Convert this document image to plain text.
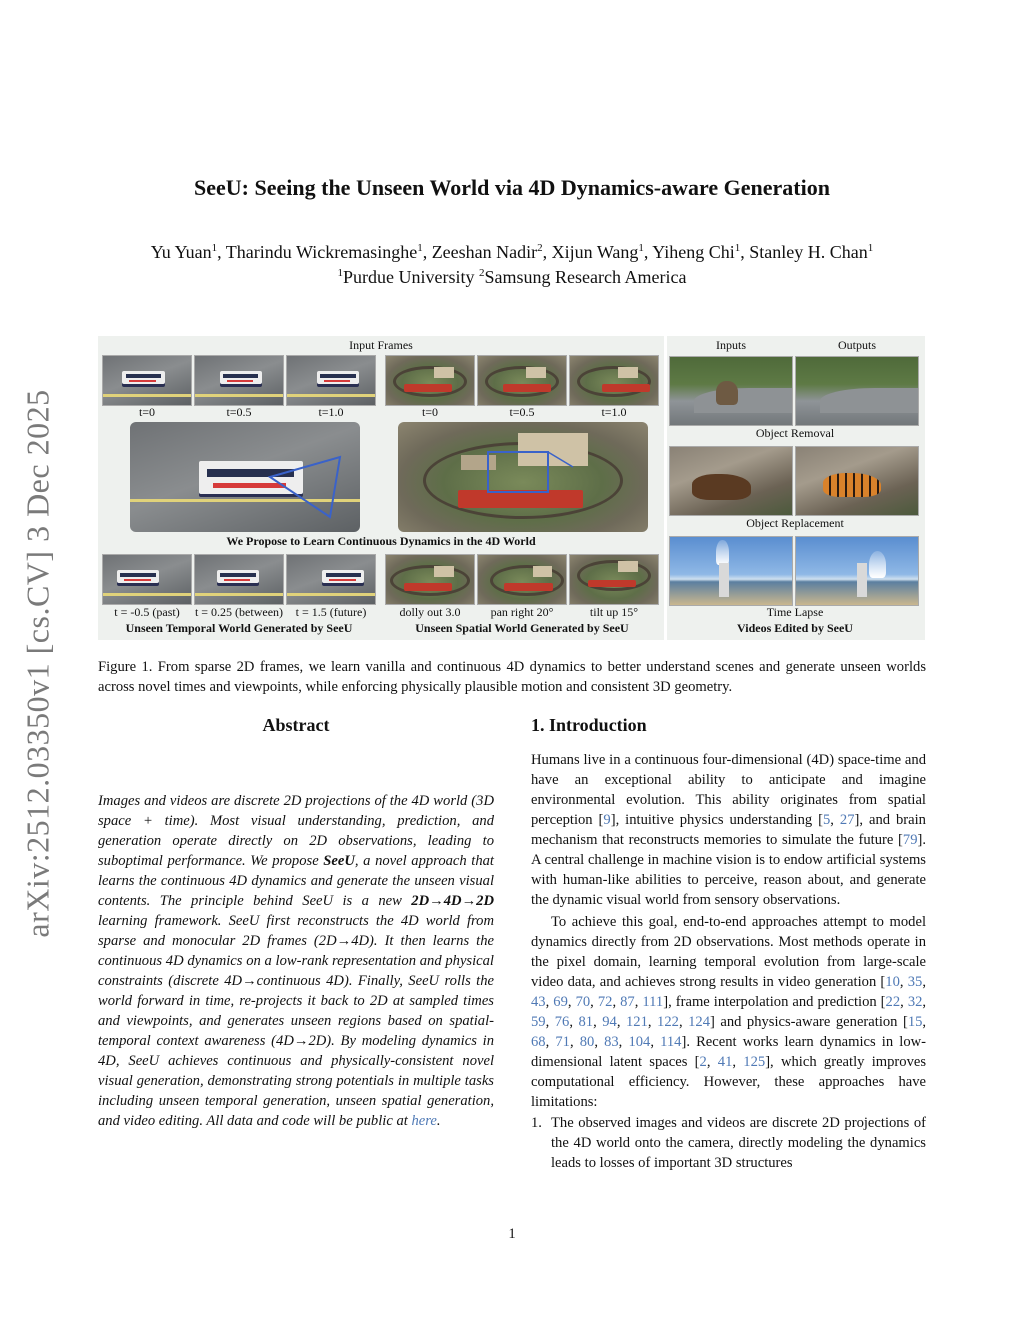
arXiv:2512.03350v1 [cs.CV] 3 Dec 2025
SeeU: Seeing the Unseen World via 4D Dynamics-aware Generation
Yu Yuan$^1$, Tharindu Wickremasinghe$^1$, Zeeshan Nadir$^2$, Xijun Wang$^1$, Yiheng Chi$^1$, Stanley H. Chan$^1$
$^1$Purdue University $^2$Samsung Research America
Input Frames
t=0	t=0.5	t=1.0	t=0	t=0.5	t=1.0
We Propose to Learn Continuous Dynamics in the 4D World
t = -0.5 (past)	t = 0.25 (between)	t = 1.5 (future)	dolly out 3.0	pan right 20°	tilt up 15°
Unseen Temporal World Generated by SeeU	Unseen Spatial World Generated by SeeU
Inputs	Outputs
Object Removal
Object Replacement
Time Lapse
Videos Edited by SeeU
Figure 1. From sparse 2D frames, we learn vanilla and continuous 4D dynamics to better understand scenes and generate unseen worlds across novel times and viewpoints, while enforcing physically plausible motion and consistent 3D geometry.
Abstract
Images and videos are discrete 2D projections of the 4D world (3D space + time). Most visual understanding, prediction, and generation operate directly on 2D observations, leading to suboptimal performance. We propose SeeU, a novel approach that learns the continuous 4D dynamics and generate the unseen visual contents. The principle behind SeeU is a new 2D→4D→2D learning framework. SeeU first reconstructs the 4D world from sparse and monocular 2D frames (2D→4D). It then learns the continuous 4D dynamics on a low-rank representation and physical constraints (discrete 4D→continuous 4D). Finally, SeeU rolls the world forward in time, re-projects it back to 2D at sampled times and viewpoints, and generates unseen regions based on spatial-temporal context awareness (4D→2D). By modeling dynamics in 4D, SeeU achieves continuous and physically-consistent novel visual generation, demonstrating strong potentials in multiple tasks including unseen temporal generation, unseen spatial generation, and video editing. All data and code will be public at here.
1. Introduction

Humans live in a continuous four-dimensional (4D) space-time and have an exceptional ability to anticipate and imagine environmental evolution. This ability originates from spatial perception [9], intuitive physics understanding [5, 27], and brain mechanism that reconstructs memories to simulate the future [79]. A central challenge in machine vision is to endow artificial systems with human-like abilities to perceive, reason about, and generate the dynamic visual world from sensory observations.

To achieve this goal, end-to-end approaches attempt to model dynamics directly from 2D observations. Most methods operate in the pixel domain, learning temporal evolution from large-scale video data, and achieves strong results in video generation [10, 35, 43, 69, 70, 72, 87, 111], frame interpolation and prediction [22, 32, 59, 76, 81, 94, 121, 122, 124] and physics-aware generation [15, 68, 71, 80, 83, 104, 114]. Recent works learn dynamics in low-dimensional latent spaces [2, 41, 125], which greatly improves computational efficiency. However, these approaches have limitations:

1. The observed images and videos are discrete 2D projections of the 4D world onto the camera, directly modeling the dynamics leads to losses of important 3D structures
1
